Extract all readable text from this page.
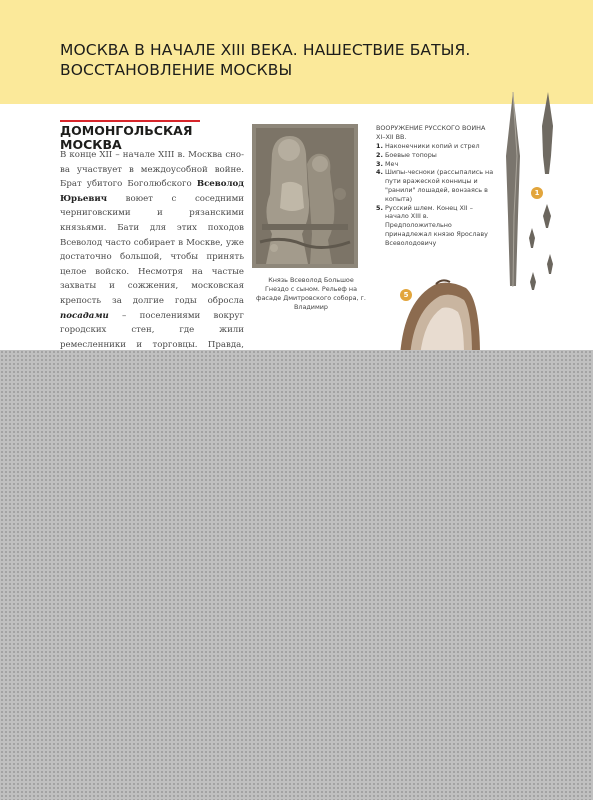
МОСКВА В НАЧАЛЕ XIII ВЕКА. НАШЕСТВИЕ БАТЫЯ.
ВОССТАНОВЛЕНИЕ МОСКВЫ
ДОМОНГОЛЬСКАЯ
МОСКВА
В конце XII – начале XIII в. Москва сно-ва участвует в междоусобной войне. Брат убитого Боголюбского Всеволод Юрьевич воюет с соседними черниговскими и рязанскими князьями. Бати для этих походов Всеволод часто собирает в Москве, уже достаточно большой, чтобы принять целое войско. Несмотря на частые захваты и сожжения, московская крепость за долгие годы обросла посадами – поселениями вокруг городских стен, где жили ремесленники и торговцы. Правда,
Князь Всеволод Большое Гнездо с сыном. Рельеф на фасаде Дмитровского собора, г. Владимир
ВООРУЖЕНИЕ РУССКОГО ВОИНА XI–XII ВВ.
1. Наконечники копий и стрел
2. Боевые топоры
3. Меч
4. Шипы-чесноки (рассыпались на пути вражеской конницы и "ранили" лошадей, вонзаясь в копыта)
5. Русский шлем. Конец XII – начало XIII в. Предположительно принадлежал князю Ярославу Всеволодовичу
1
5
